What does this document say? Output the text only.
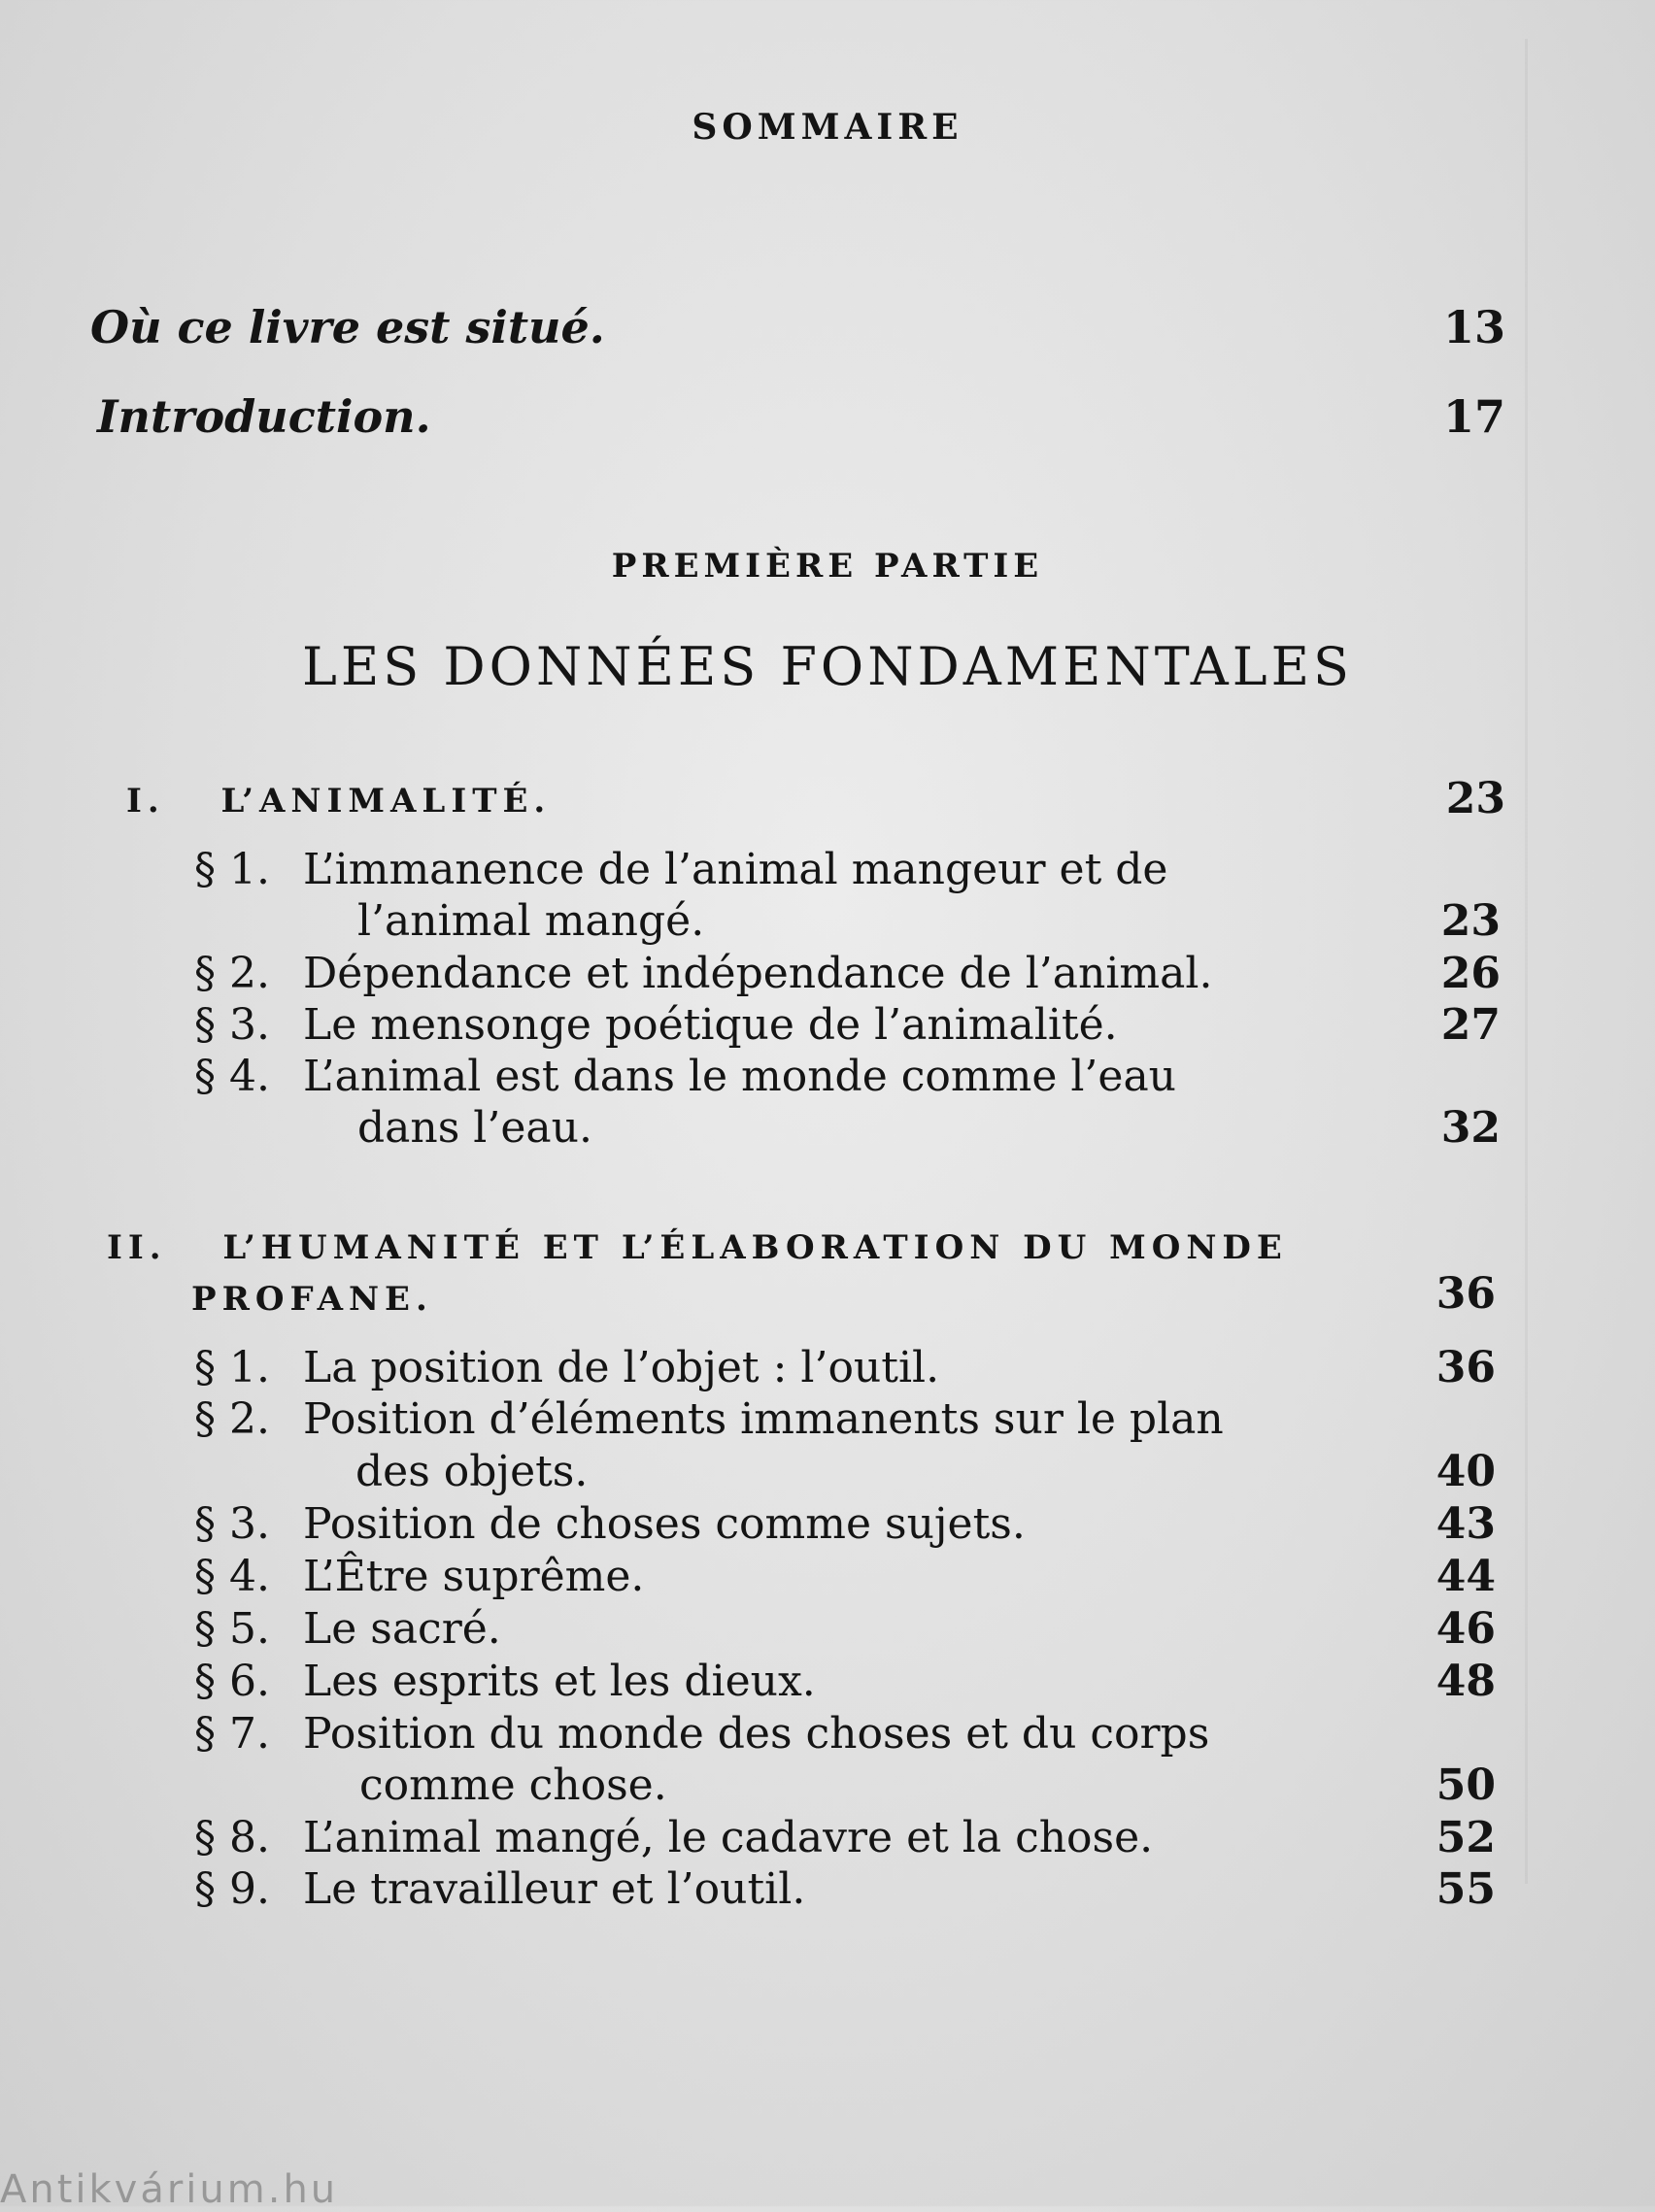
SOMMAIRE
Où ce livre est situé.	13
Introduction.	17
PREMIÈRE PARTIE
LES DONNÉES FONDAMENTALES
I. L’ANIMALITÉ.	23
§ 1. L’immanence de l’animal mangeur et de
l’animal mangé.	23
§ 2. Dépendance et indépendance de l’animal.	26
§ 3. Le mensonge poétique de l’animalité.	27
§ 4. L’animal est dans le monde comme l’eau
dans l’eau.	32
II. L’HUMANITÉ ET L’ÉLABORATION DU MONDE
PROFANE.	36
§ 1. La position de l’objet : l’outil.	36
§ 2. Position d’éléments immanents sur le plan
des objets.	40
§ 3. Position de choses comme sujets.	43
§ 4. L’Être suprême.	44
§ 5. Le sacré.	46
§ 6. Les esprits et les dieux.	48
§ 7. Position du monde des choses et du corps
comme chose.	50
§ 8. L’animal mangé, le cadavre et la chose.	52
§ 9. Le travailleur et l’outil.	55
Antikvárium.hu
